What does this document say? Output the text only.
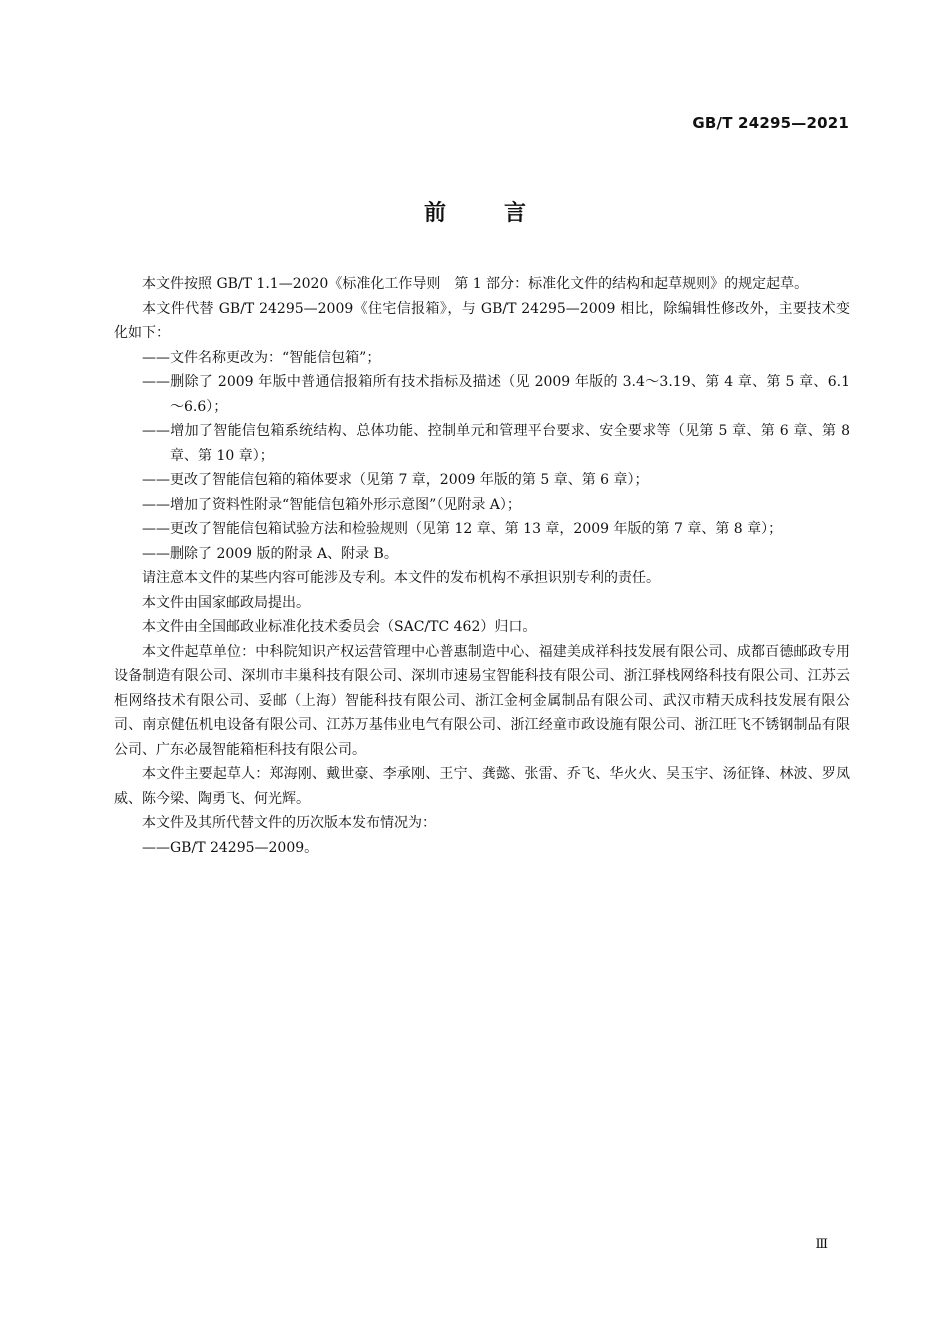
GB/T 24295—2021
前言

本文件按照 GB/T 1.1—2020《标准化工作导则　第 1 部分：标准化文件的结构和起草规则》的规定起草。

本文件代替 GB/T 24295—2009《住宅信报箱》，与 GB/T 24295—2009 相比，除编辑性修改外，主要技术变化如下：

——文件名称更改为：“智能信包箱”；

——删除了 2009 年版中普通信报箱所有技术指标及描述（见 2009 年版的 3.4～3.19、第 4 章、第 5 章、6.1～6.6）；

——增加了智能信包箱系统结构、总体功能、控制单元和管理平台要求、安全要求等（见第 5 章、第 6 章、第 8 章、第 10 章）；

——更改了智能信包箱的箱体要求（见第 7 章，2009 年版的第 5 章、第 6 章）；

——增加了资料性附录“智能信包箱外形示意图”（见附录 A）；

——更改了智能信包箱试验方法和检验规则（见第 12 章、第 13 章，2009 年版的第 7 章、第 8 章）；

——删除了 2009 版的附录 A、附录 B。

请注意本文件的某些内容可能涉及专利。本文件的发布机构不承担识别专利的责任。

本文件由国家邮政局提出。

本文件由全国邮政业标准化技术委员会（SAC/TC 462）归口。

本文件起草单位：中科院知识产权运营管理中心普惠制造中心、福建美成祥科技发展有限公司、成都百德邮政专用设备制造有限公司、深圳市丰巢科技有限公司、深圳市速易宝智能科技有限公司、浙江驿栈网络科技有限公司、江苏云柜网络技术有限公司、妥邮（上海）智能科技有限公司、浙江金柯金属制品有限公司、武汉市精天成科技发展有限公司、南京健伍机电设备有限公司、江苏万基伟业电气有限公司、浙江经童市政设施有限公司、浙江旺飞不锈钢制品有限公司、广东必晟智能箱柜科技有限公司。

本文件主要起草人：郑海刚、戴世豪、李承刚、王宁、龚懿、张雷、乔飞、华火火、吴玉宇、汤征锋、林波、罗凤威、陈今梁、陶勇飞、何光辉。

本文件及其所代替文件的历次版本发布情况为：

——GB/T 24295—2009。

Ⅲ
